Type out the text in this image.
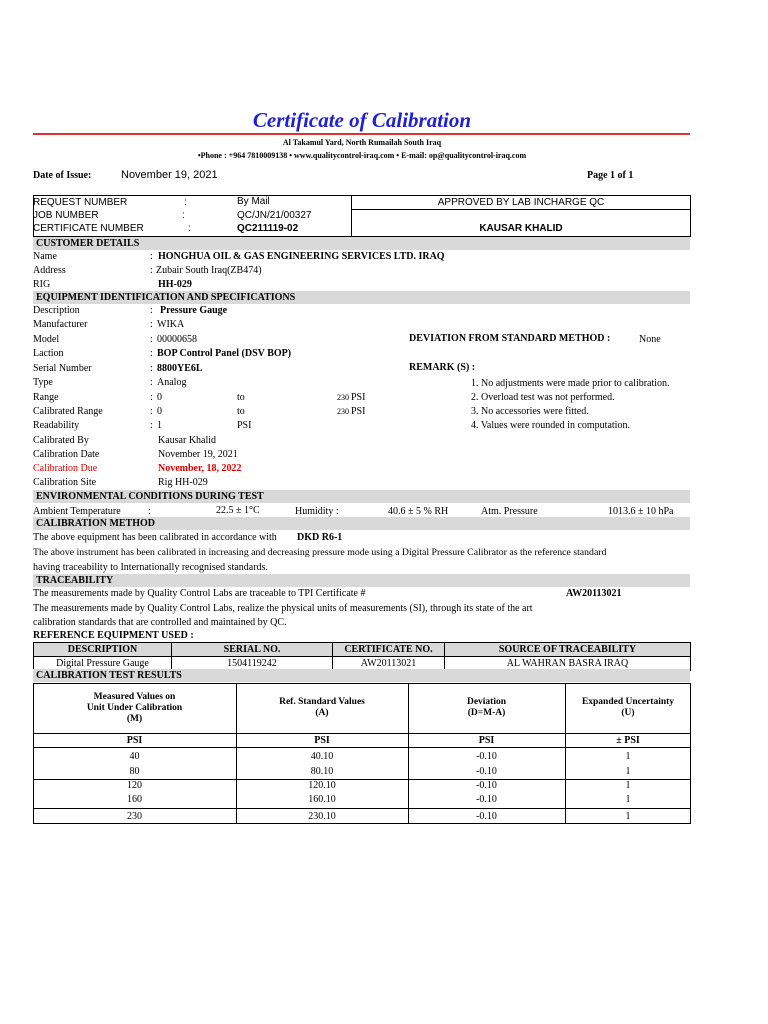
Certificate of Calibration
Al Takamul Yard, North Rumailah South Iraq
•Phone : +964 7810009138 • www.qualitycontrol-iraq.com • E-mail: op@qualitycontrol-iraq.com
Date of Issue:	November 19, 2021	Page 1 of 1
REQUEST NUMBER	:	By Mail
JOB NUMBER	:	QC/JN/21/00327
CERTIFICATE NUMBER	:	QC211119-02
APPROVED BY LAB INCHARGE QC
KAUSAR KHALID
CUSTOMER DETAILS
Name	: HONGHUA OIL & GAS ENGINEERING SERVICES LTD. IRAQ
Address	: Zubair South Iraq(ZB474)
RIG	HH-029
EQUIPMENT IDENTIFICATION AND SPECIFICATIONS
Description	: Pressure Gauge
Manufacturer	: WIKA
Model	: 00000658
Laction	: BOP Control Panel (DSV BOP)
Serial Number	: 8800YE6L
Type	: Analog
Range	: 0	to	230 PSI
Calibrated Range	: 0	to	230 PSI
Readability	: 1	PSI
Calibrated By	Kausar Khalid
Calibration Date	November 19, 2021
Calibration Due	November, 18, 2022
Calibration Site	Rig HH-029
DEVIATION FROM STANDARD METHOD :	None
REMARK (S) :
1. No adjustments were made prior to calibration.
2. Overload test was not performed.
3. No accessories were fitted.
4. Values were rounded in computation.
ENVIRONMENTAL CONDITIONS DURING TEST
Ambient Temperature	:	22.5 ± 1°C	Humidity :	40.6 ± 5 % RH	Atm. Pressure	1013.6 ± 10 hPa
CALIBRATION METHOD
The above equipment has been calibrated in accordance with DKD R6-1
The above instrument has been calibrated in increasing and decreasing pressure mode using a Digital Pressure Calibrator as the reference standard
having traceability to Internationally recognised standards.
TRACEABILITY
The measurements made by Quality Control Labs are traceable to TPI Certificate #	AW20113021
The measurements made by Quality Control Labs, realize the physical units of measurements (SI), through its state of the art
calibration standards that are controlled and maintained by QC.
REFERENCE EQUIPMENT USED :
DESCRIPTION	SERIAL NO.	CERTIFICATE NO.	SOURCE OF TRACEABILITY
Digital Pressure Gauge	1504119242	AW20113021	AL WAHRAN BASRA IRAQ
CALIBRATION TEST RESULTS
Measured Values on
Unit Under Calibration
(M)
Ref. Standard Values
(A)
Deviation
(D=M-A)
Expanded Uncertainty
(U)
PSI	PSI	PSI	± PSI
40	40.10	-0.10	1
80	80.10	-0.10	1
120	120.10	-0.10	1
160	160.10	-0.10	1
230	230.10	-0.10	1
